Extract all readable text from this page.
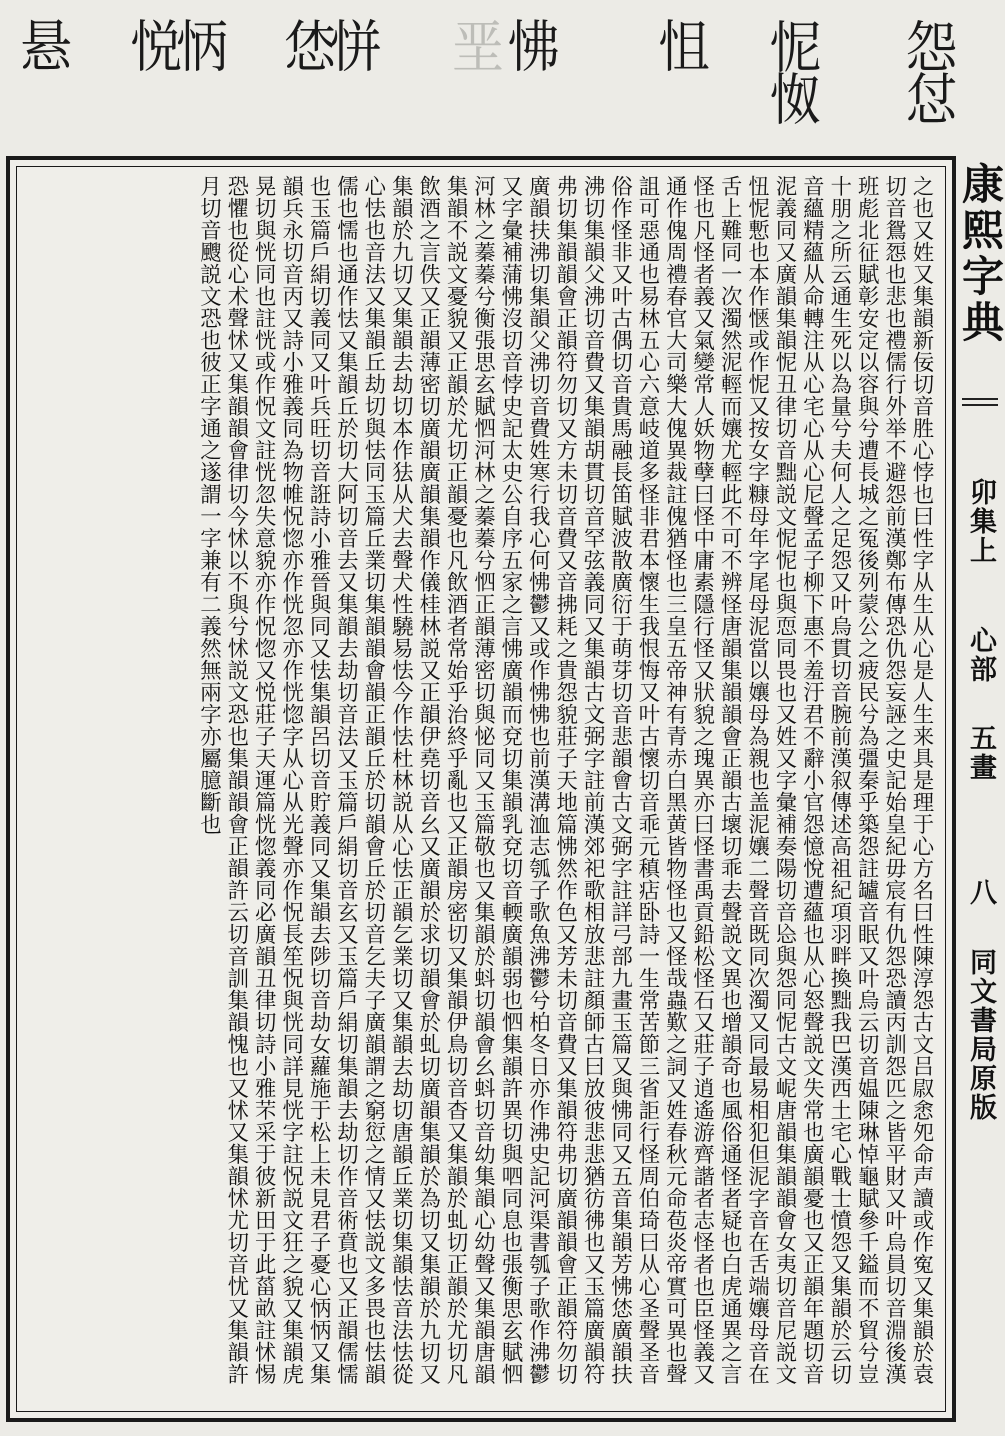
悬 悦怲 恷恲 垩 怫 怚 怩怓 怨怤
之也又姓又集韻新佞切音胜心悖也曰性字从生从心是人生来具是理于心方名曰性陳淳怨古文吕叞悆夗命声讀或作寃又集韻於袁切音鴛㤪也悲也禮儒行外举不避怨前漢鄭布傳恐仇怨妄誣之史記始皇紀毋宸有仇怨恐讀丙訓怨匹之皆平財又叶烏員切音淵後漢班彪北征賦彰安定以容與兮遭長城之冤後列蒙公之疲民兮為彊秦乎築怨註罏音眠又叶烏云切音媪陳琳悼龜賦參千鎰而不貿兮豈十朋之所云通生死以為量兮夫何人之足怨又叶烏貫切音腕前漢叙傳述高祖紀項羽畔換黜我巴漢西土宅心戰士憤怨又集韻於云切音蘊精蘊从命轉注从心宅心从心尼聲孟子柳下惠不羞汙君不辭小官怨憶悅遭蘊也从心怒聲説文失常也廣韻憂也又正韻年題切音泥義同又廣韻集韻怩丑律切音黜説文怩怩也與恧同畏也又姓又字彙補奏陽切音㤀與怨同怩古文㞾唐韻集韻韻會女夷切音尼説文忸怩慙也本作惬或作怩又按女字糠母年字尾母泥當以孃母為親也盖泥孃二聲音既同次濁又同最易相犯但泥字音在舌端孃母音在舌上難同一次濁然泥輕而孃尤輕此不可不辨怪唐韻集韻韻會正韻古壞切乖去聲説文異也增韻奇也風俗通怪者疑也白虎通異之言怪也凡怪者義又氣變常人妖物孽曰怪中庸素隱行怪又狀貌之瑰異亦曰怪書禹貢鉛松怪石又莊子逍遙游齊諧者志怪者也臣怪義又通作傀周禮春官大司樂大傀異裁註傀猶怪也三皇五帝神有青赤白黑黄皆物怪也又怪哉蟲歎之詞又姓春秋元命苞炎帝實可異也聲詛可惡通也易林五心六意岐道多怪非君本懷生我恨悔又叶古懷切音乖元稹痁卧詩一生常苦節三省詎行怪周伯琦曰从心圣聲圣音俗作怪非又叶古偶切音貴馬融長笛賦波散廣衍于萌芽切音悲韻會古文弼字註詳弓部九畫玉篇又與怫同又五音集韻芳怫恷廣韻扶沸切集韻父沸切音費又集韻胡貫切音罕弦義同又集韻古文弼字註前漢郊祀歌相放悲註顏師古曰放彼悲悲猶彷彿也又玉篇廣韻符弗切集韻韻會正韻符勿切又方未切音費又音拂耗之貴怨貌莊子天地篇怫然作色又芳未切音費又集韻符弗切廣韻韻會正韻符勿切廣韻扶沸切集韻父沸切音費姓寒行我心何怫鬱又或作怫怫也前漢溝洫志瓠子歌魚沸鬱兮柏冬日亦作沸史記河渠書瓠子歌作沸鬱又字彙補蒲怫沒切音悖史記太史公自序五家之言怫廣韻而兗切集韻乳兗切音輭廣韻弱也怬集韻許異切與呬同息也張衡思玄賦怬河林之蓁蓁兮衡張思玄賦怬河林之蓁蓁兮怬正韻薄密切與怭同又玉篇敬也又集韻於蚪切韻會幺蚪切音幼集韻心幼聲又集韻唐韻集韻不説文憂貌又正韻於尤切正韻憂也凡飲酒者常始乎治終乎亂也又正韻房密切又集韻伊鳥切音杳又集韻於虬切正韻於尤切凡飲酒之言佚又正韻薄密切廣韻廣韻集韻作儀桂林説又正韻伊堯切音幺又廣韻於求切韻會於虬切廣韻集韻於為切又集韻於九切又集韻於九切又集韻去劫切本作㹤从犬去聲犬性驍易怯今作怯杜林説从心怯正韻乞業切又集韻去劫切唐韻丘業切集韻怯音法怯從心怯也音法又集韻丘劫切與怯同玉篇丘業切集韻韻會韻正韻丘於切韻會丘於切音乞夫子廣韻謂之窮愆之情又怯説文多畏也怯韻儒也懦也通作怯又集韻丘於切大阿切音去又集韻去劫切音法又玉篇戶絹切音玄又玉篇戶絹切集韻去劫切作音術賁也又正韻儒懦也玉篇戶絹切義同又叶兵旺切音誑詩小雅晉與同又怯集韻呂切音貯義同又集韻去陟切音劫女蘿施于松上未見君子憂心怲怲又集韻兵永切音丙又詩小雅義同為物帷怳惚亦作恍忽亦作恍惚字从心从光聲亦作怳長笙怳與恍同詳見恍字註怳説文狂之貌又集韻虎晃切與恍同也註恍或作怳文註恍忽失意貌亦作怳惚又悦莊子天運篇恍惚義同必廣韻丑律切詩小雅芣采于彼新田于此菑畝註怵惕恐懼也從心术聲怵又集韻韻會律切今怵以不與兮怵説文恐也集韻韻會正韻許云切音訓集韻愧也又怵又集韻怵尤切音忧又集韻許月切音颼説文恐也彼正字通之遂謂一字兼有二義然無兩字亦屬臆斷也	康熙字典
卯集上
心部
五畫
八
同文書局原版
